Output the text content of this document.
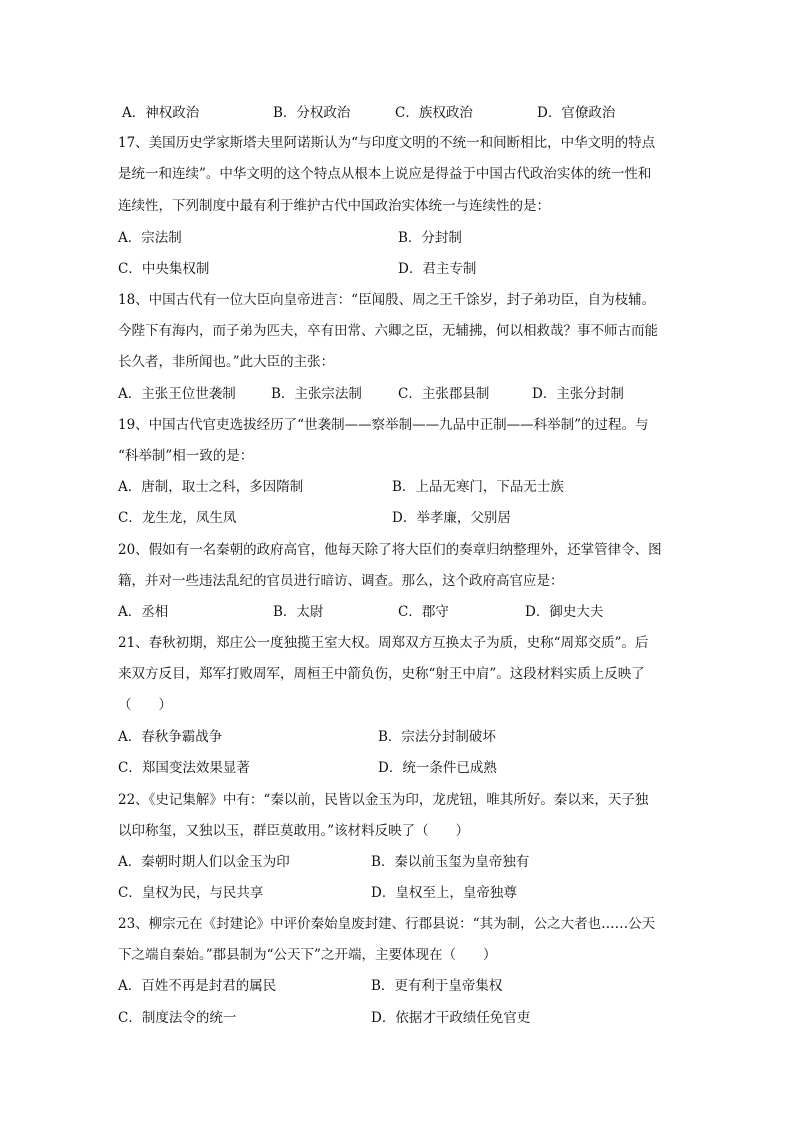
A．神权政治	B．分权政治	C．族权政治	D．官僚政治
17、美国历史学家斯塔夫里阿诺斯认为“与印度文明的不统一和间断相比，中华文明的特点
是统一和连续”。中华文明的这个特点从根本上说应是得益于中国古代政治实体的统一性和
连续性，下列制度中最有利于维护古代中国政治实体统一与连续性的是：
A．宗法制	B．分封制
C．中央集权制	D．君主专制
18、中国古代有一位大臣向皇帝进言：“臣闻殷、周之王千馀岁，封子弟功臣，自为枝辅。
今陛下有海内，而子弟为匹夫，卒有田常、六卿之臣，无辅拂，何以相救哉？事不师古而能
长久者，非所闻也。”此大臣的主张：
A．主张王位世袭制	B．主张宗法制	C．主张郡县制	D．主张分封制
19、中国古代官吏选拔经历了“世袭制——察举制——九品中正制——科举制”的过程。与
“科举制”相一致的是：
A．唐制，取士之科，多因隋制	B．上品无寒门，下品无士族
C．龙生龙，凤生凤	D．举孝廉，父别居
20、假如有一名秦朝的政府高官，他每天除了将大臣们的奏章归纳整理外，还掌管律令、图
籍，并对一些违法乱纪的官员进行暗访、调查。那么，这个政府高官应是：
A．丞相	B．太尉	C．郡守	D．御史大夫
21、春秋初期，郑庄公一度独揽王室大权。周郑双方互换太子为质，史称“周郑交质”。后
来双方反目，郑军打败周军，周桓王中箭负伤，史称“射王中肩”。这段材料实质上反映了
（　　）
A．春秋争霸战争	B．宗法分封制破坏
C．郑国变法效果显著	D．统一条件已成熟
22、《史记集解》中有：“秦以前，民皆以金玉为印，龙虎钮，唯其所好。秦以来，天子独
以印称玺，又独以玉，群臣莫敢用。”该材料反映了（　　）
A．秦朝时期人们以金玉为印	B．秦以前玉玺为皇帝独有
C．皇权为民，与民共享	D．皇权至上，皇帝独尊
23、柳宗元在《封建论》中评价秦始皇废封建、行郡县说：“其为制，公之大者也……公天
下之端自秦始。”郡县制为“公天下”之开端，主要体现在（　　）
A．百姓不再是封君的属民	B．更有利于皇帝集权
C．制度法令的统一	D．依据才干政绩任免官吏
